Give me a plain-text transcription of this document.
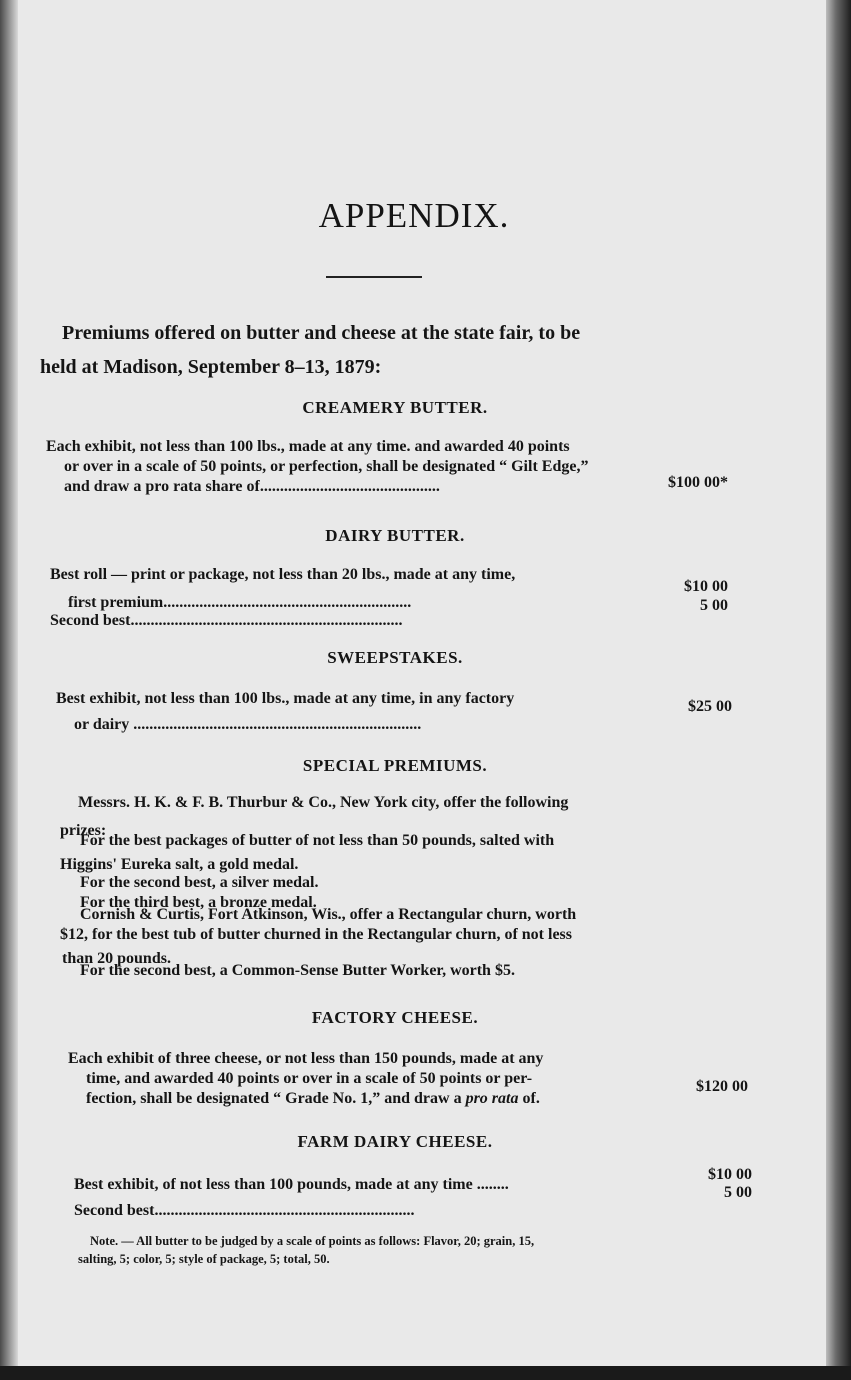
APPENDIX.
Premiums offered on butter and cheese at the state fair, to be
held at Madison, September 8–13, 1879:
CREAMERY BUTTER.
Each exhibit, not less than 100 lbs., made at any time. and awarded 40 points
or over in a scale of 50 points, or perfection, shall be designated “ Gilt Edge,”
and draw a pro rata share of.............................................	$100 00*
DAIRY BUTTER.
Best roll — print or package, not less than 20 lbs., made at any time,
first premium..............................................................
Second best....................................................................
$10 00
5 00
SWEEPSTAKES.
Best exhibit, not less than 100 lbs., made at any time, in any factory
or dairy ........................................................................
$25 00
SPECIAL PREMIUMS.
Messrs. H. K. & F. B. Thurbur & Co., New York city, offer the following
prizes:
For the best packages of butter of not less than 50 pounds, salted with
Higgins' Eureka salt, a gold medal.
For the second best, a silver medal.
For the third best, a bronze medal.
Cornish & Curtis, Fort Atkinson, Wis., offer a Rectangular churn, worth
$12, for the best tub of butter churned in the Rectangular churn, of not less
than 20 pounds.
For the second best, a Common-Sense Butter Worker, worth $5.
FACTORY CHEESE.
Each exhibit of three cheese, or not less than 150 pounds, made at any
time, and awarded 40 points or over in a scale of 50 points or per-
fection, shall be designated “ Grade No. 1,” and draw a pro rata of.
$120 00
FARM DAIRY CHEESE.
Best exhibit, of not less than 100 pounds, made at any time ........
Second best.................................................................
$10 00
5 00
Note. — All butter to be judged by a scale of points as follows: Flavor, 20; grain, 15,
salting, 5; color, 5; style of package, 5; total, 50.
